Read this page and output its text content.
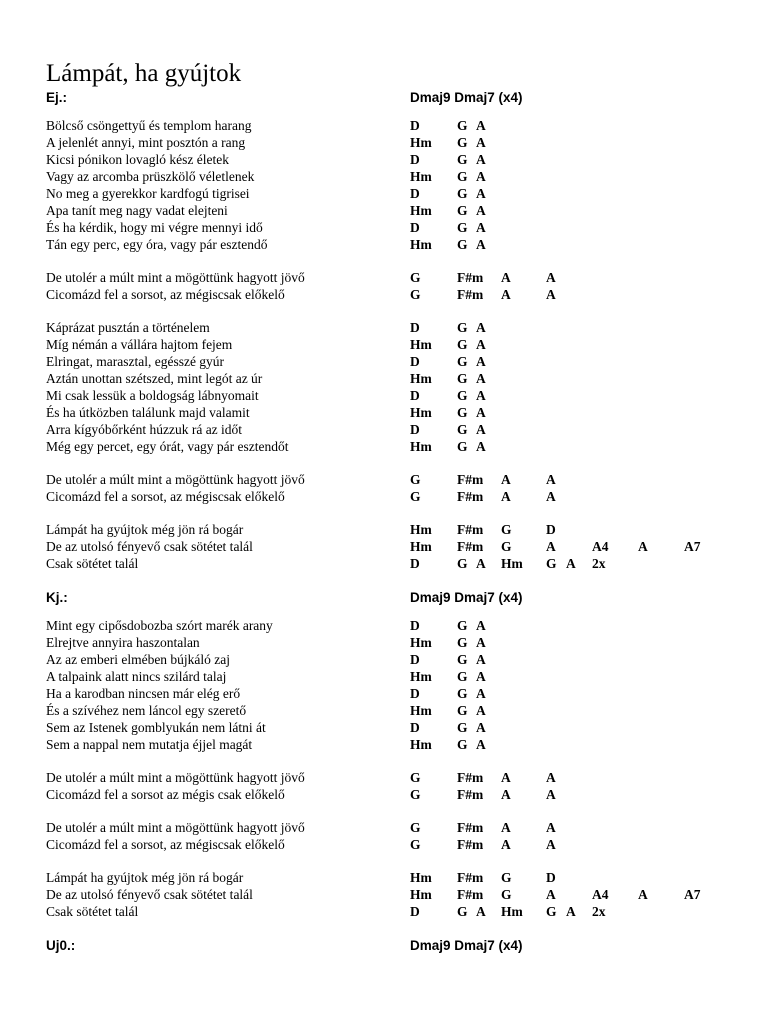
Lámpát, ha gyújtok
Ej.:	Dmaj9 Dmaj7 (x4)
Bölcső csöngettyű és templom harang	D	G A
A jelenlét annyi, mint posztón a rang	Hm G A
Kicsi pónikon lovagló kész életek	D	G A
Vagy az arcomba prüszkölő véletlenek	Hm G A
No meg a gyerekkor kardfogú tigrisei	D	G A
Apa tanít meg nagy vadat elejteni	Hm G A
És ha kérdik, hogy mi végre mennyi idő	D	G A
Tán egy perc, egy óra, vagy pár esztendő	Hm G A
De utolér a múlt mint a mögöttünk hagyott jövő	G	F#m A	A
Cicomázd fel a sorsot, az mégiscsak előkelő	G	F#m A	A
Káprázat pusztán a történelem	D	G A
Míg némán a vállára hajtom fejem	Hm G A
Elringat, marasztal, egésszé gyúr	D	G A
Aztán unottan szétszed, mint legót az úr	Hm G A
Mi csak lessük a boldogság lábnyomait	D	G A
És ha útközben találunk majd valamit	Hm G A
Arra kígyóbőrként húzzuk rá az időt	D	G A
Még egy percet, egy órát, vagy pár esztendőt	Hm G A
De utolér a múlt mint a mögöttünk hagyott jövő	G	F#m A	A
Cicomázd fel a sorsot, az mégiscsak előkelő	G	F#m A	A
Lámpát ha gyújtok még jön rá bogár	Hm F#m G	D
De az utolsó fényevő csak sötétet talál	Hm F#m G	A	A4 A	A7
Csak sötétet talál	D	G A Hm G A 2x
Kj.:	Dmaj9 Dmaj7 (x4)
Mint egy cipősdobozba szórt marék arany	D	G A
Elrejtve annyira haszontalan	Hm G A
Az az emberi elmében bújkáló zaj	D	G A
A talpaink alatt nincs szilárd talaj	Hm G A
Ha a karodban nincsen már elég erő	D	G A
És a szívéhez nem láncol egy szerető	Hm G A
Sem az Istenek gomblyukán nem látni át	D	G A
Sem a nappal nem mutatja éjjel magát	Hm G A
De utolér a múlt mint a mögöttünk hagyott jövő	G	F#m A	A
Cicomázd fel a sorsot az mégis csak előkelő	G	F#m A	A
De utolér a múlt mint a mögöttünk hagyott jövő	G	F#m A	A
Cicomázd fel a sorsot, az mégiscsak előkelő	G	F#m A	A
Lámpát ha gyújtok még jön rá bogár	Hm F#m G	D
De az utolsó fényevő csak sötétet talál	Hm F#m G	A	A4 A	A7
Csak sötétet talál	D	G A Hm G A 2x
Uj0.:	Dmaj9 Dmaj7 (x4)
